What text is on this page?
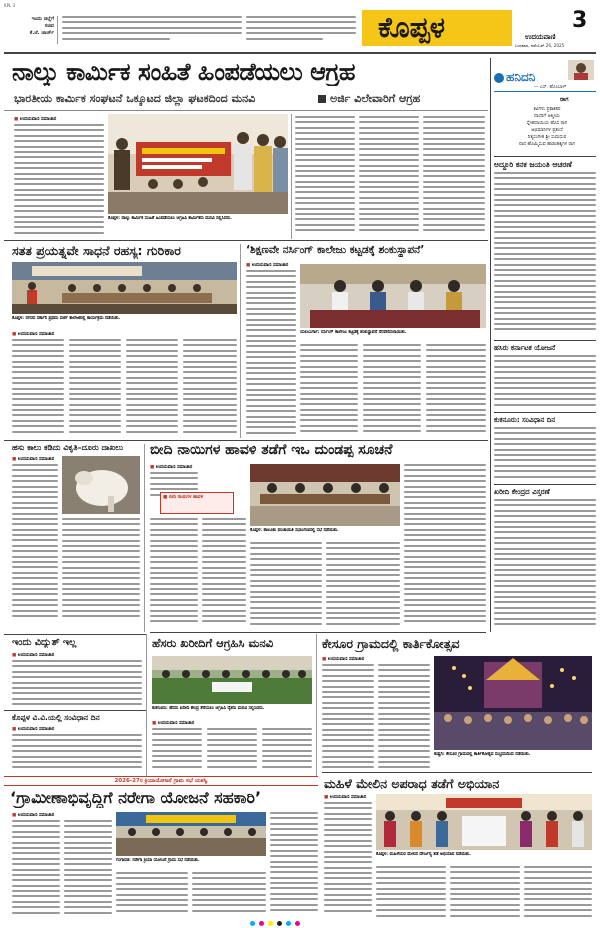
KPL 3
ಇಂದು ಜಿಲ್ಲೆಗೆ
ಸಚಿವ
ಕೆ.ಜೆ. ಜಾರ್ಜ್	ಕೊಪ್ಪಳ	3
ಉದಯವಾಣಿ
ಬುಧವಾರ, ನವೆಂಬರ್ 26, 2025
ನಾಲ್ಕು ಕಾರ್ಮಿಕ ಸಂಹಿತೆ ಹಿಂಪಡೆಯಲು ಆಗ್ರಹ
ಭಾರತೀಯ ಕಾರ್ಮಿಕ ಸಂಘಟನೆ ಒಕ್ಕೂಟದ ಜಿಲ್ಲಾ ಘಟಕದಿಂದ ಮನವಿ	ಅರ್ಜಿ ವಿಲೇವಾರಿಗೆ ಆಗ್ರಹ
■ ಉದಯವಾಣಿ ಸಮಾಚಾರ
ಕೊಪ್ಪಳ: ನಾಲ್ಕು ಕಾರ್ಮಿಕ ಸಂಹಿತೆ ಹಿಂಪಡೆಯಲು ಆಗ್ರಹಿಸಿ ಕಾರ್ಮಿಕರು ಮನವಿ ಸಲ್ಲಿಸಿದರು.
ಸತತ ಪ್ರಯತ್ನವೇ ಸಾಧನೆ ರಹಸ್ಯ: ಗುರಿಕಾರ
ಕೊಪ್ಪಳ: ನಗರದ ಸರ್ಕಾರಿ ಪ್ರಥಮ ದರ್ಜೆ ಕಾಲೇಜಿನಲ್ಲಿ ಕಾರ್ಯಕ್ರಮ ನಡೆಯಿತು.
■ ಉದಯವಾಣಿ ಸಮಾಚಾರ
‘ಶಿಕ್ಷಣವೇ ನರ್ಸಿಂಗ್ ಕಾಲೇಜು ಕಟ್ಟಡಕ್ಕೆ ಶಂಕುಸ್ಥಾಪನೆ’
■ ಉದಯವಾಣಿ ಸಮಾಚಾರ
ಯಲಬುರ್ಗಾ: ನರ್ಸಿಂಗ್ ಕಾಲೇಜು ಕಟ್ಟಡಕ್ಕೆ ಶಂಕುಸ್ಥಾಪನೆ ನೆರವೇರಿಸಲಾಯಿತು.
ಹಸು ಕಾಲು ಕಡಿದು ವಿಕೃತಿ–ದೂರು ದಾಖಲು
■ ಉದಯವಾಣಿ ಸಮಾಚಾರ
ಬೀದಿ ನಾಯಿಗಳ ಹಾವಳಿ ತಡೆಗೆ ಇಒ ದುಂಡಪ್ಪ ಸೂಚನೆ
■ ಉದಯವಾಣಿ ಸಮಾಚಾರ
■ ಬೀದಿ ನಾಯಿಗಳ ಹಾವಳಿ
ಕೊಪ್ಪಳ: ತಾಲೂಕು ಪಂಚಾಯಿತಿ ಸಭಾಂಗಣದಲ್ಲಿ ಸಭೆ ನಡೆಯಿತು.
ಇಂದು ವಿದ್ಯುತ್ ಇಲ್ಲ
■ ಉದಯವಾಣಿ ಸಮಾಚಾರ
ಕೊಪ್ಪಳ ವಿ.ವಿ.ಯಲ್ಲಿ ಸಂವಿಧಾನ ದಿನ
■ ಉದಯವಾಣಿ ಸಮಾಚಾರ
ಹೆಸರು ಖರೀದಿಗೆ ಆಗ್ರಹಿಸಿ ಮನವಿ
ಕುಕನೂರು: ಹೆಸರು ಖರೀದಿ ಕೇಂದ್ರ ತೆರೆಯಲು ಆಗ್ರಹಿಸಿ ರೈತರು ಮನವಿ ಸಲ್ಲಿಸಿದರು.
■ ಉದಯವಾಣಿ ಸಮಾಚಾರ
ಕೇಸೂರ ಗ್ರಾಮದಲ್ಲಿ ಕಾರ್ತಿಕೋತ್ಸವ
■ ಉದಯವಾಣಿ ಸಮಾಚಾರ
ಕುಷ್ಟಗಿ: ಕೇಸೂರ ಗ್ರಾಮದಲ್ಲಿ ಕಾರ್ತಿಕೋತ್ಸವ ಸಂಭ್ರಮದಿಂದ ನಡೆಯಿತು.
ಮಹಿಳೆ ಮೇಲಿನ ಅಪರಾಧ ತಡೆಗೆ ಅಭಿಯಾನ
ಕೊಪ್ಪಳ: ಮಹಿಳೆಯರ ಮೇಲಿನ ದೌರ್ಜನ್ಯ ತಡೆ ಅಭಿಯಾನ ನಡೆಯಿತು.
■ ಉದಯವಾಣಿ ಸಮಾಚಾರ
2026-27ರ ಕ್ರಿಯಾಯೋಜನೆ ಗ್ರಾಮ ಸಭೆ ಯಶಸ್ವಿ
‘ಗ್ರಾಮೀಣಾಭಿವೃದ್ಧಿಗೆ ನರೇಗಾ ಯೋಜನೆ ಸಹಕಾರಿ’
■ ಉದಯವಾಣಿ ಸಮಾಚಾರ
ಗಂಗಾವತಿ: ನರೇಗಾ ಕ್ರಿಯಾ ಯೋಜನೆ ಗ್ರಾಮ ಸಭೆ ನಡೆಯಿತು.
ಹನಿದನಿ
— ಎಸ್. ಹೊಂಬಾಳ್
ರಾಗ
ಕವಿಗಳು ಪ್ರಕಾಶಕರ
ದಾಸರಿಗೆ ಆತ್ಮೀಯ
ಸ್ನೇಹದಾಯಿಯ ಹೊಸ ರಾಗ
ಅಭಿಮಾನಿಗಳ ಪ್ರಶಂಸೆ
ನಿತ್ಯಸಂಗೀತ ಶ್ರೀ ಸುಮಧುರ
ನಾದ ಹೊಮ್ಮಿಸುವ ಹಾಡುಹಕ್ಕಿಗಳ ರಾಗ
ಅದ್ದೂರಿ ಕನಕ ಜಯಂತಿ ಆಚರಣೆ
ಹಸಿರು ಕರ್ನಾಟಕ ಯೋಜನೆ
ಕುಕನೂರು: ಸಂವಿಧಾನ ದಿನ
ಖರೀದಿ ಕೇಂದ್ರದ ವಿಸ್ತರಣೆ
